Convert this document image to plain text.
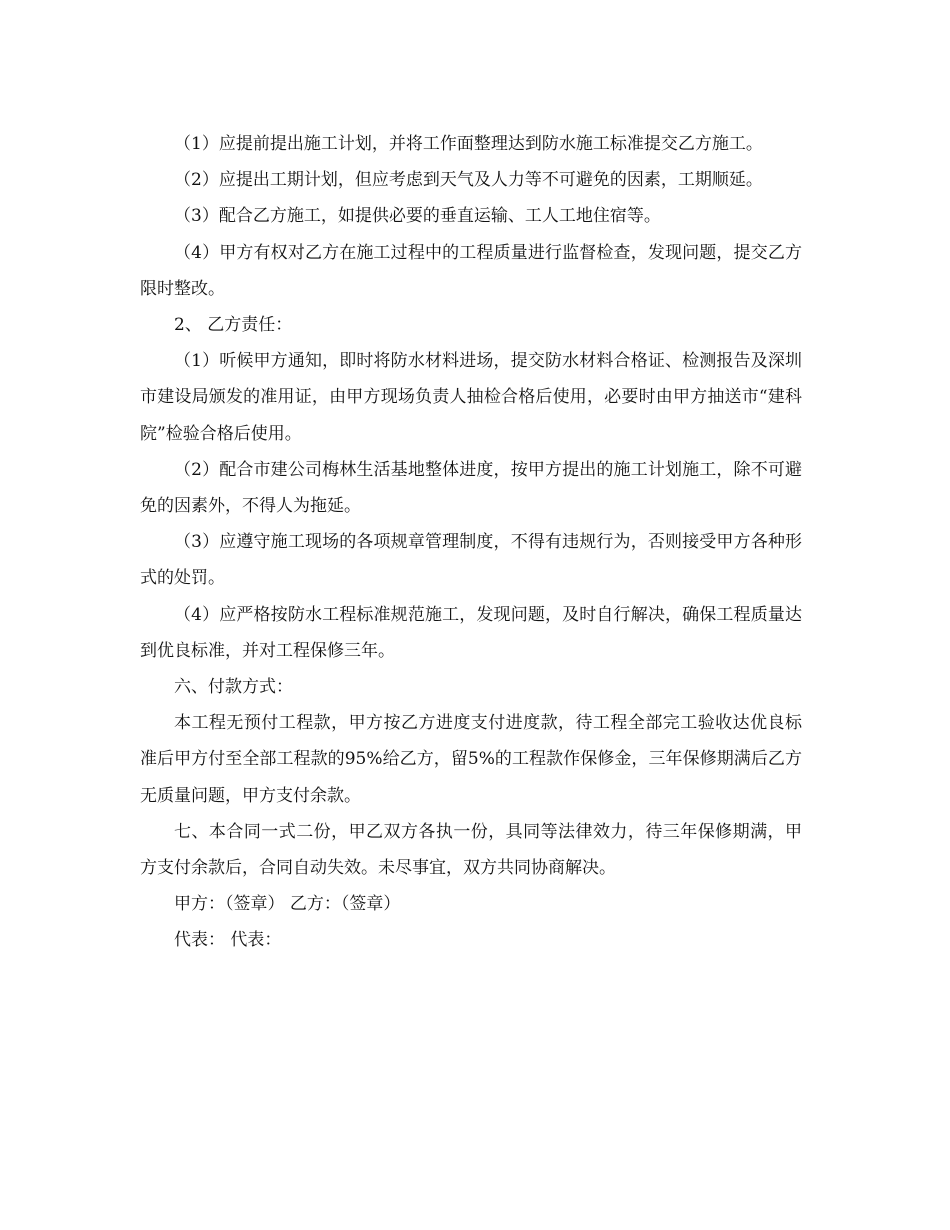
（1）应提前提出施工计划，并将工作面整理达到防水施工标准提交乙方施工。

（2）应提出工期计划，但应考虑到天气及人力等不可避免的因素，工期顺延。

（3）配合乙方施工，如提供必要的垂直运输、工人工地住宿等。

（4）甲方有权对乙方在施工过程中的工程质量进行监督检查，发现问题，提交乙方限时整改。

2、 乙方责任：

（1）听候甲方通知，即时将防水材料进场，提交防水材料合格证、检测报告及深圳市建设局颁发的准用证，由甲方现场负责人抽检合格后使用，必要时由甲方抽送市“建科院”检验合格后使用。

（2）配合市建公司梅林生活基地整体进度，按甲方提出的施工计划施工，除不可避免的因素外，不得人为拖延。

（3）应遵守施工现场的各项规章管理制度，不得有违规行为，否则接受甲方各种形式的处罚。

（4）应严格按防水工程标准规范施工，发现问题，及时自行解决，确保工程质量达到优良标准，并对工程保修三年。

六、付款方式：

本工程无预付工程款，甲方按乙方进度支付进度款，待工程全部完工验收达优良标准后甲方付至全部工程款的95%给乙方，留5%的工程款作保修金，三年保修期满后乙方无质量问题，甲方支付余款。

七、本合同一式二份，甲乙双方各执一份，具同等法律效力，待三年保修期满，甲方支付余款后，合同自动失效。未尽事宜，双方共同协商解决。

甲方：（签章） 乙方：（签章）

代表： 代表：
